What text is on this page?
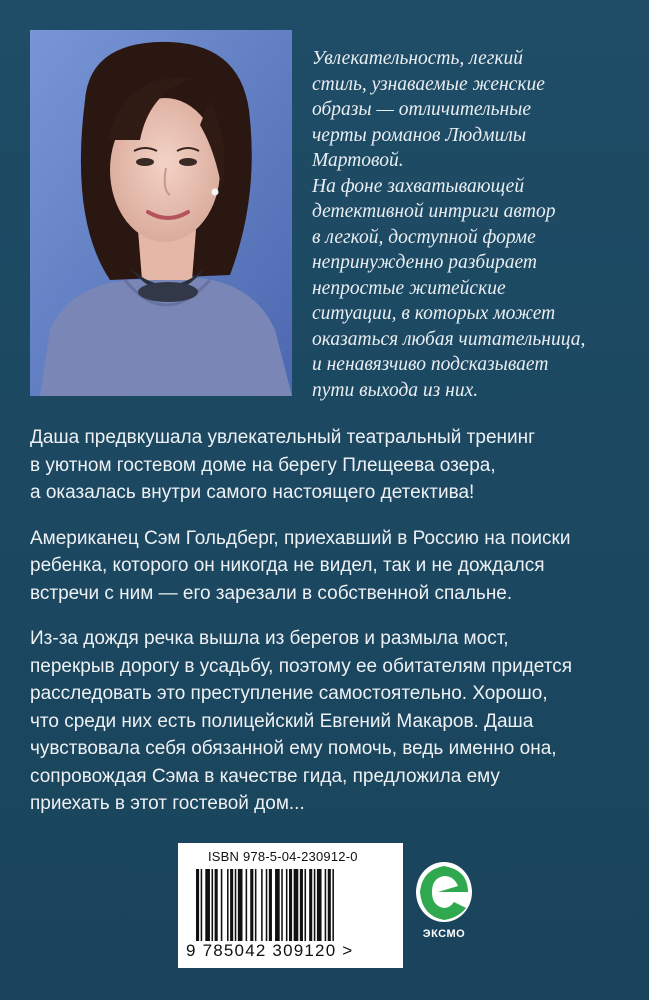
Увлекательность, легкий
стиль, узнаваемые женские
образы — отличительные
черты романов Людмилы
Мартовой.
На фоне захватывающей
детективной интриги автор
в легкой, доступной форме
непринужденно разбирает
непростые житейские
ситуации, в которых может
оказаться любая читательница,
и ненавязчиво подсказывает
пути выхода из них.

Даша предвкушала увлекательный театральный тренинг
в уютном гостевом доме на берегу Плещеева озера,
а оказалась внутри самого настоящего детектива!

Американец Сэм Гольдберг, приехавший в Россию на поиски
ребенка, которого он никогда не видел, так и не дождался
встречи с ним — его зарезали в собственной спальне.

Из-за дождя речка вышла из берегов и размыла мост,
перекрыв дорогу в усадьбу, поэтому ее обитателям придется
расследовать это преступление самостоятельно. Хорошо,
что среди них есть полицейский Евгений Макаров. Даша
чувствовала себя обязанной ему помочь, ведь именно она,
сопровождая Сэма в качестве гида, предложила ему
приехать в этот гостевой дом...

ISBN 978-5-04-230912-0
9 785042 309120 >
ЭКСМО
